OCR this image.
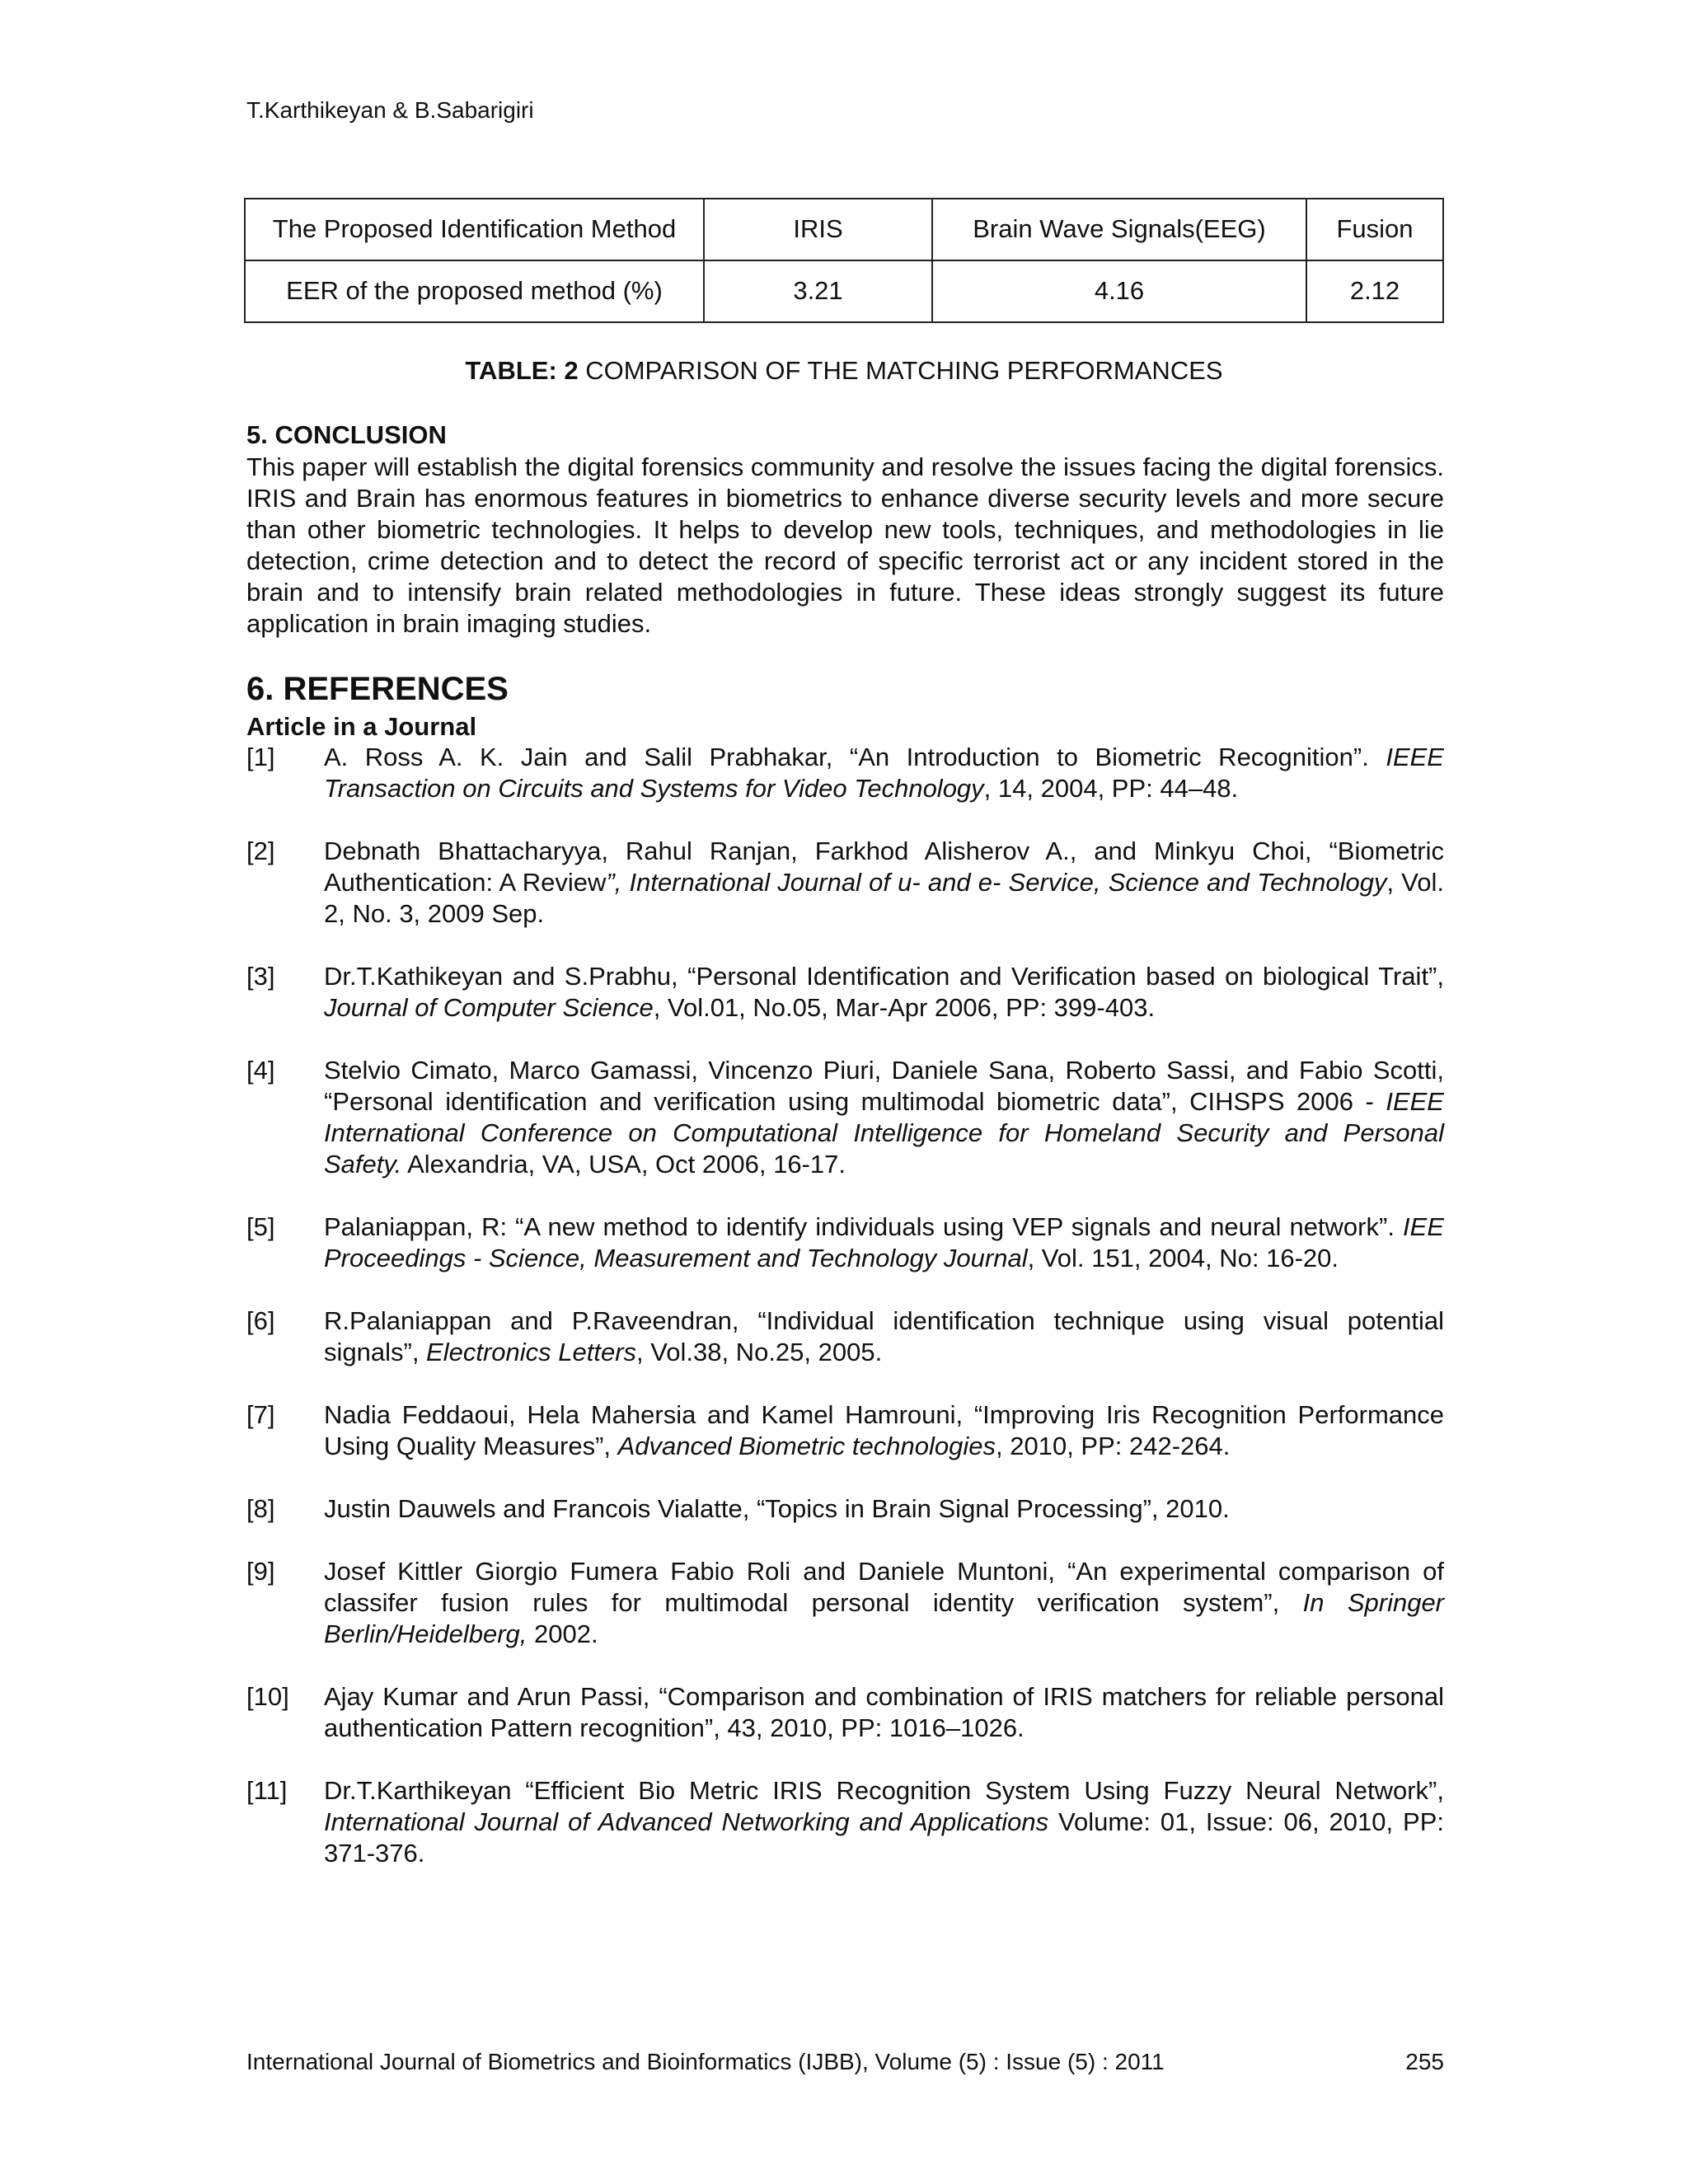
T.Karthikeyan & B.Sabarigiri
The Proposed Identification Method	IRIS	Brain Wave Signals(EEG)	Fusion
EER of the proposed method (%)	3.21	4.16	2.12
TABLE: 2 COMPARISON OF THE MATCHING PERFORMANCES
5. CONCLUSION

This paper will establish the digital forensics community and resolve the issues facing the digital forensics. IRIS and Brain has enormous features in biometrics to enhance diverse security levels and more secure than other biometric technologies. It helps to develop new tools, techniques, and methodologies in lie detection, crime detection and to detect the record of specific terrorist act or any incident stored in the brain and to intensify brain related methodologies in future. These ideas strongly suggest its future application in brain imaging studies.

6. REFERENCES
Article in a Journal
[1] A. Ross A. K. Jain and Salil Prabhakar, “An Introduction to Biometric Recognition”. IEEE Transaction on Circuits and Systems for Video Technology, 14, 2004, PP: 44–48.
[2] Debnath Bhattacharyya, Rahul Ranjan, Farkhod Alisherov A., and Minkyu Choi, “Biometric Authentication: A Review”, International Journal of u- and e- Service, Science and Technology, Vol. 2, No. 3, 2009 Sep.
[3] Dr.T.Kathikeyan and S.Prabhu, “Personal Identification and Verification based on biological Trait”, Journal of Computer Science, Vol.01, No.05, Mar-Apr 2006, PP: 399-403.
[4] Stelvio Cimato, Marco Gamassi, Vincenzo Piuri, Daniele Sana, Roberto Sassi, and Fabio Scotti, “Personal identification and verification using multimodal biometric data”, CIHSPS 2006 - IEEE International Conference on Computational Intelligence for Homeland Security and Personal Safety. Alexandria, VA, USA, Oct 2006, 16-17.
[5] Palaniappan, R: “A new method to identify individuals using VEP signals and neural network”. IEE Proceedings - Science, Measurement and Technology Journal, Vol. 151, 2004, No: 16-20.
[6] R.Palaniappan and P.Raveendran, “Individual identification technique using visual potential signals”, Electronics Letters, Vol.38, No.25, 2005.
[7] Nadia Feddaoui, Hela Mahersia and Kamel Hamrouni, “Improving Iris Recognition Performance Using Quality Measures”, Advanced Biometric technologies, 2010, PP: 242-264.
[8] Justin Dauwels and Francois Vialatte, “Topics in Brain Signal Processing”, 2010.
[9] Josef Kittler Giorgio Fumera Fabio Roli and Daniele Muntoni, “An experimental comparison of classifer fusion rules for multimodal personal identity verification system”, In Springer Berlin/Heidelberg, 2002.
[10] Ajay Kumar and Arun Passi, “Comparison and combination of IRIS matchers for reliable personal authentication Pattern recognition”, 43, 2010, PP: 1016–1026.
[11] Dr.T.Karthikeyan “Efficient Bio Metric IRIS Recognition System Using Fuzzy Neural Network”, International Journal of Advanced Networking and Applications Volume: 01, Issue: 06, 2010, PP: 371-376.
International Journal of Biometrics and Bioinformatics (IJBB), Volume (5) : Issue (5) : 2011	255
